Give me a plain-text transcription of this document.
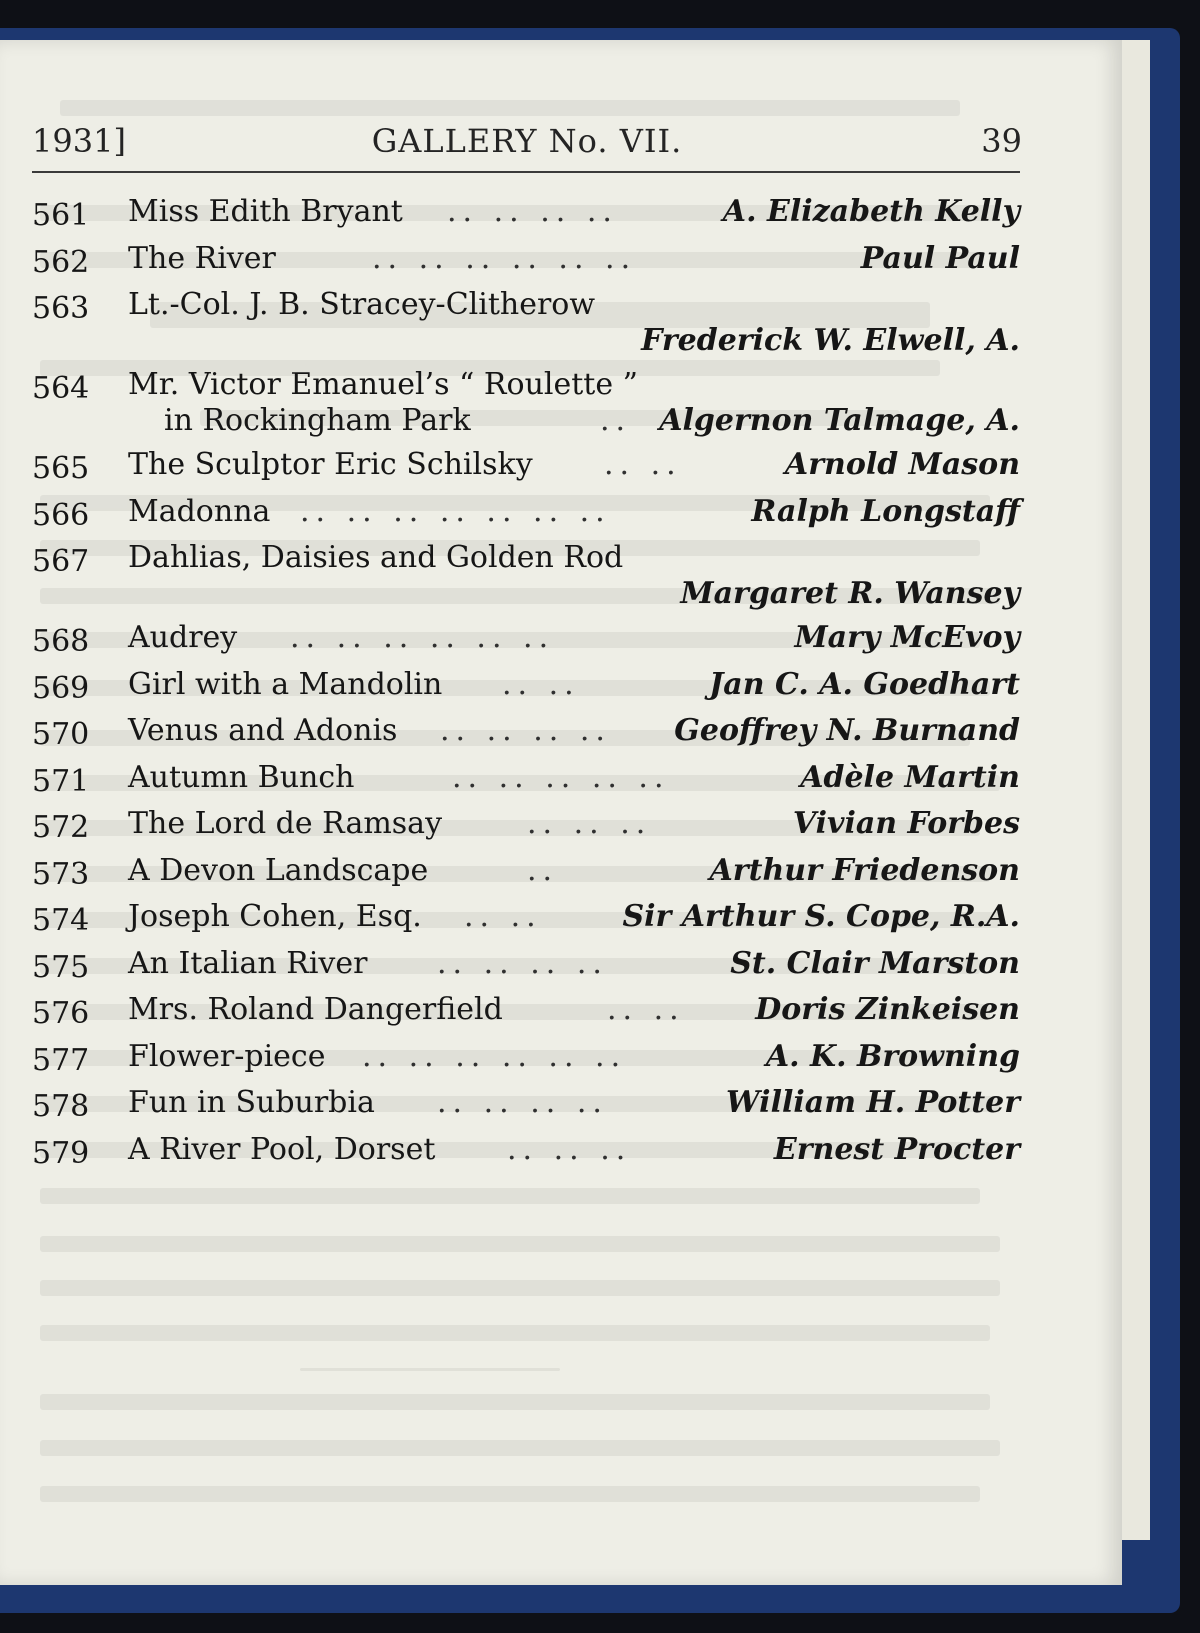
1931]	GALLERY No. VII.	39
561	Miss Edith Bryant .. .. .. ..	A. Elizabeth Kelly
562	The River	.. .. .. .. .. ..	Paul Paul
563	Lt.-Col. J. B. Stracey-Clitherow
Frederick W. Elwell, A.
564	Mr. Victor Emanuel’s “ Roulette ”
in Rockingham Park	.. Algernon Talmage, A.
565	The Sculptor Eric Schilsky .. ..	Arnold Mason
566	Madonna .. .. .. .. .. .. ..	Ralph Longstaff
567	Dahlias, Daisies and Golden Rod
Margaret R. Wansey
568	Audrey .. .. .. .. .. ..	Mary McEvoy
569	Girl with a Mandolin .. ..	Jan C. A. Goedhart
570	Venus and Adonis .. .. .. .. Geoffrey N. Burnand
571	Autumn Bunch	.. .. .. .. ..	Adèle Martin
572	The Lord de Ramsay	.. .. ..	Vivian Forbes
573	A Devon Landscape	..	Arthur Friedenson
574	Joseph Cohen, Esq. .. ..	Sir Arthur S. Cope, R.A.
575	An Italian River .. .. .. ..	St. Clair Marston
576	Mrs. Roland Dangerfield	.. .. Doris Zinkeisen
577	Flower-piece .. .. .. .. .. ..	A. K. Browning
578	Fun in Suburbia .. .. .. ..	William H. Potter
579	A River Pool, Dorset .. .. ..	Ernest Procter
